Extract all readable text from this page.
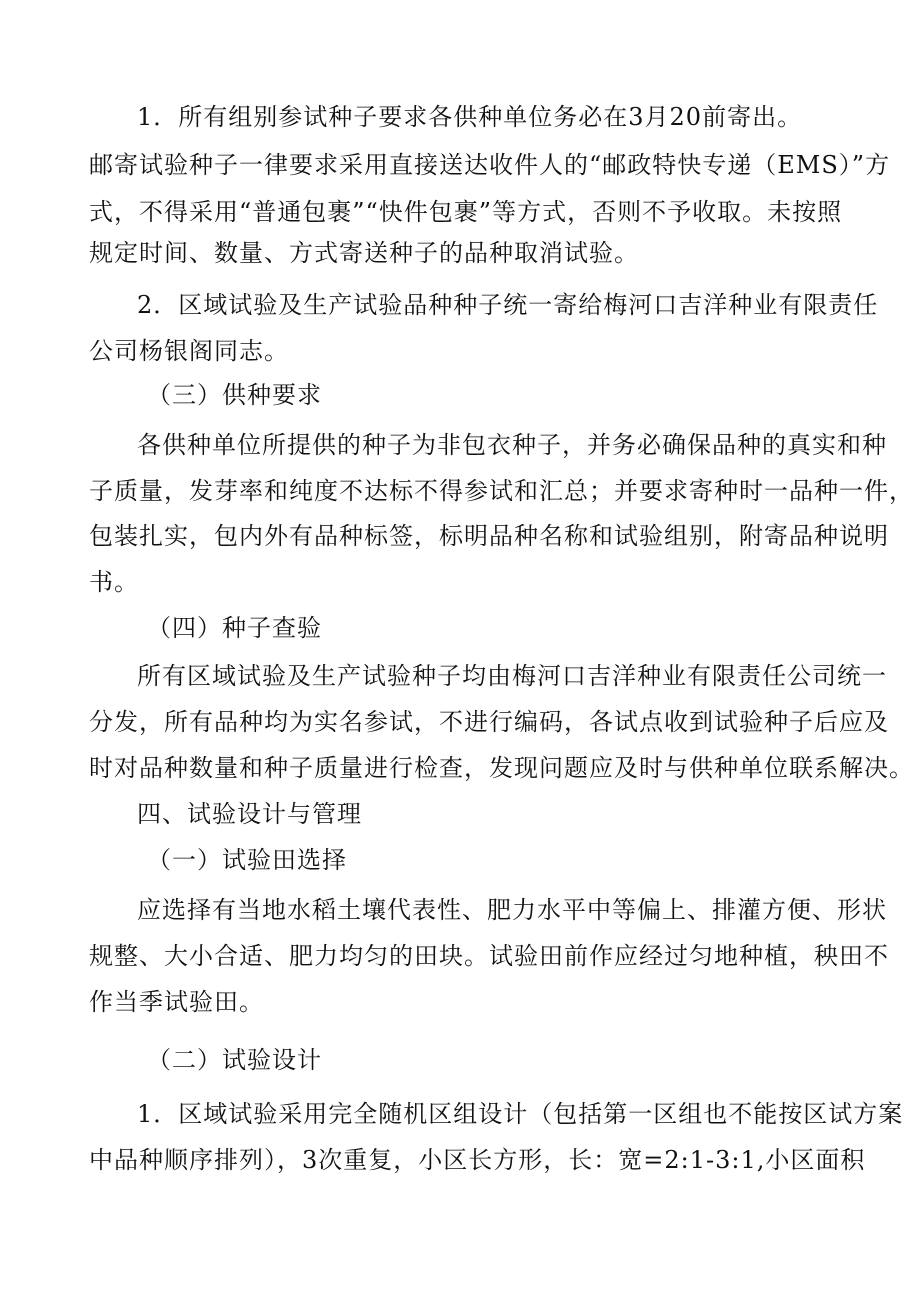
1．所有组别参试种子要求各供种单位务必在3月20前寄出。
邮寄试验种子一律要求采用直接送达收件人的“邮政特快专递（EMS）”方
式，不得采用“普通包裹”“快件包裹”等方式，否则不予收取。未按照
规定时间、数量、方式寄送种子的品种取消试验。
2．区域试验及生产试验品种种子统一寄给梅河口吉洋种业有限责任
公司杨银阁同志。
（三）供种要求
各供种单位所提供的种子为非包衣种子，并务必确保品种的真实和种
子质量，发芽率和纯度不达标不得参试和汇总；并要求寄种时一品种一件，
包装扎实，包内外有品种标签，标明品种名称和试验组别，附寄品种说明
书。
（四）种子查验
所有区域试验及生产试验种子均由梅河口吉洋种业有限责任公司统一
分发，所有品种均为实名参试，不进行编码，各试点收到试验种子后应及
时对品种数量和种子质量进行检查，发现问题应及时与供种单位联系解决。
四、试验设计与管理
（一）试验田选择
应选择有当地水稻土壤代表性、肥力水平中等偏上、排灌方便、形状
规整、大小合适、肥力均匀的田块。试验田前作应经过匀地种植，秧田不
作当季试验田。
（二）试验设计
1．区域试验采用完全随机区组设计（包括第一区组也不能按区试方案
中品种顺序排列），3次重复，小区长方形，长：宽=2:1-3:1,小区面积
